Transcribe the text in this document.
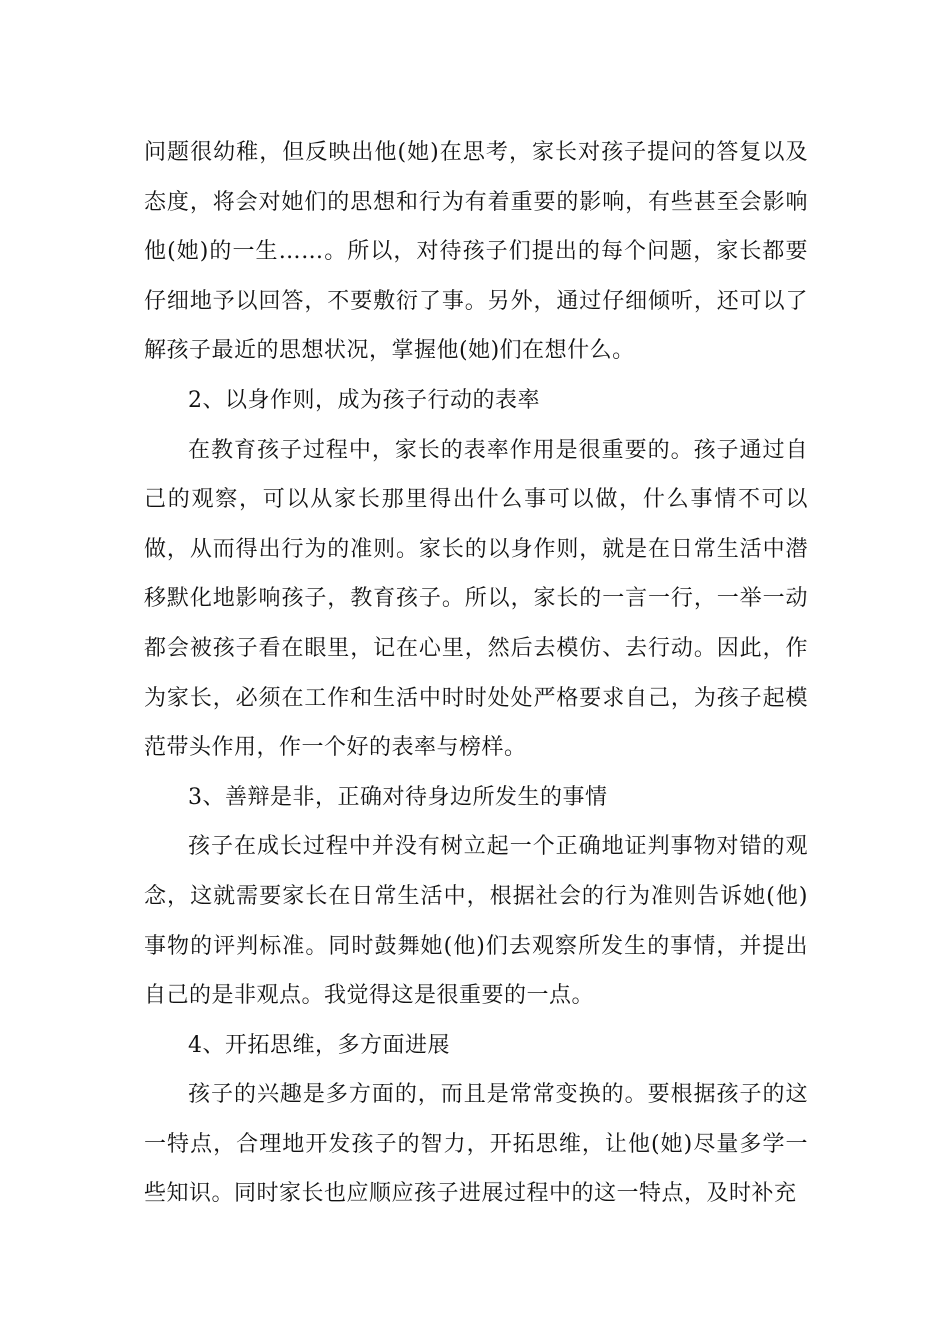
问题很幼稚，但反映出他(她)在思考，家长对孩子提问的答复以及态度，将会对她们的思想和行为有着重要的影响，有些甚至会影响他(她)的一生……。所以，对待孩子们提出的每个问题，家长都要仔细地予以回答，不要敷衍了事。另外，通过仔细倾听，还可以了解孩子最近的思想状况，掌握他(她)们在想什么。

2、以身作则，成为孩子行动的表率

在教育孩子过程中，家长的表率作用是很重要的。孩子通过自己的观察，可以从家长那里得出什么事可以做，什么事情不可以做，从而得出行为的准则。家长的以身作则，就是在日常生活中潜移默化地影响孩子，教育孩子。所以，家长的一言一行，一举一动都会被孩子看在眼里，记在心里，然后去模仿、去行动。因此，作为家长，必须在工作和生活中时时处处严格要求自己，为孩子起模范带头作用，作一个好的表率与榜样。

3、善辩是非，正确对待身边所发生的事情

孩子在成长过程中并没有树立起一个正确地证判事物对错的观念，这就需要家长在日常生活中，根据社会的行为准则告诉她(他)事物的评判标准。同时鼓舞她(他)们去观察所发生的事情，并提出自己的是非观点。我觉得这是很重要的一点。

4、开拓思维，多方面进展

孩子的兴趣是多方面的，而且是常常变换的。要根据孩子的这一特点，合理地开发孩子的智力，开拓思维，让他(她)尽量多学一些知识。同时家长也应顺应孩子进展过程中的这一特点，及时补充
